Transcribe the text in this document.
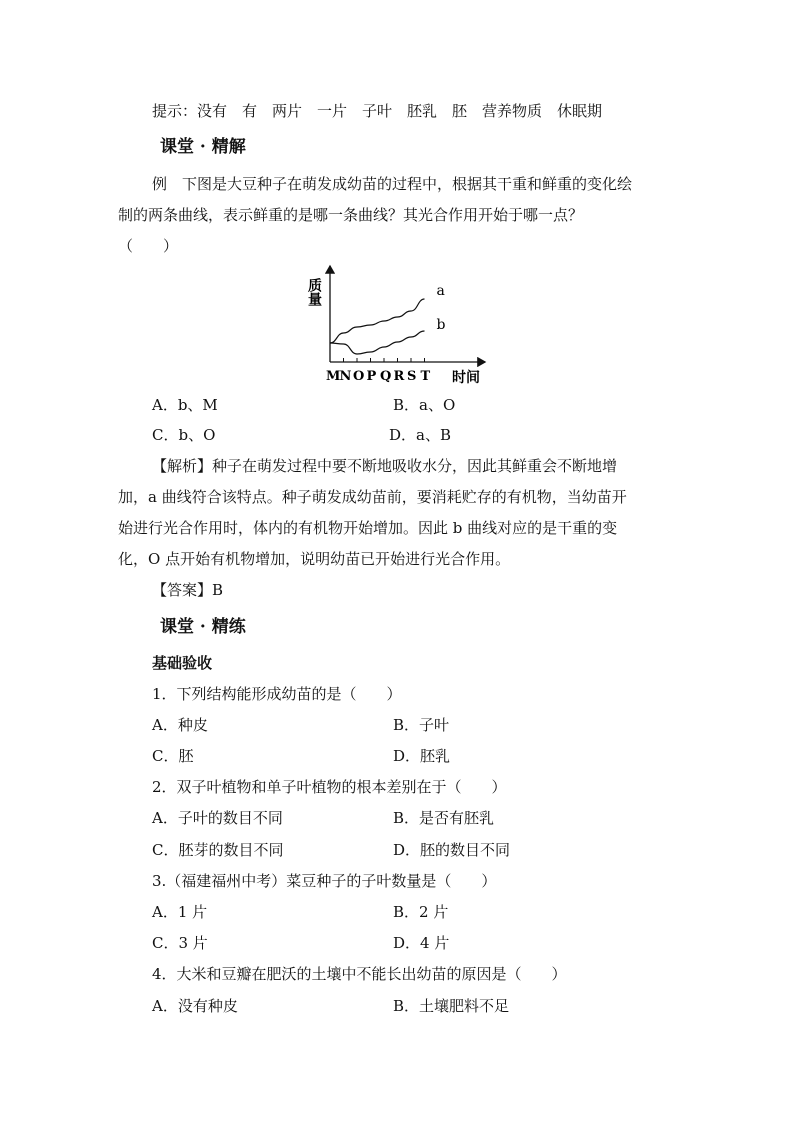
提示：没有　有　两片　一片　子叶　胚乳　胚　营养物质　休眠期
课堂 · 精解
例　下图是大豆种子在萌发成幼苗的过程中，根据其干重和鲜重的变化绘
制的两条曲线，表示鲜重的是哪一条曲线？其光合作用开始于哪一点？
（　　）
质量
时间
M N O P Q R S T
a
b
A．b、M	B．a、O
C．b、O	D．a、B
【解析】种子在萌发过程中要不断地吸收水分，因此其鲜重会不断地增
加，a 曲线符合该特点。种子萌发成幼苗前，要消耗贮存的有机物，当幼苗开
始进行光合作用时，体内的有机物开始增加。因此 b 曲线对应的是干重的变
化，O 点开始有机物增加，说明幼苗已开始进行光合作用。
【答案】B
课堂 · 精练
基础验收
1．下列结构能形成幼苗的是（　　）
A．种皮	B．子叶
C．胚	D．胚乳
2．双子叶植物和单子叶植物的根本差别在于（　　）
A．子叶的数目不同	B．是否有胚乳
C．胚芽的数目不同	D．胚的数目不同
3.（福建福州中考）菜豆种子的子叶数量是（　　）
A．1 片	B．2 片
C．3 片	D．4 片
4．大米和豆瓣在肥沃的土壤中不能长出幼苗的原因是（　　）
A．没有种皮	B．土壤肥料不足
